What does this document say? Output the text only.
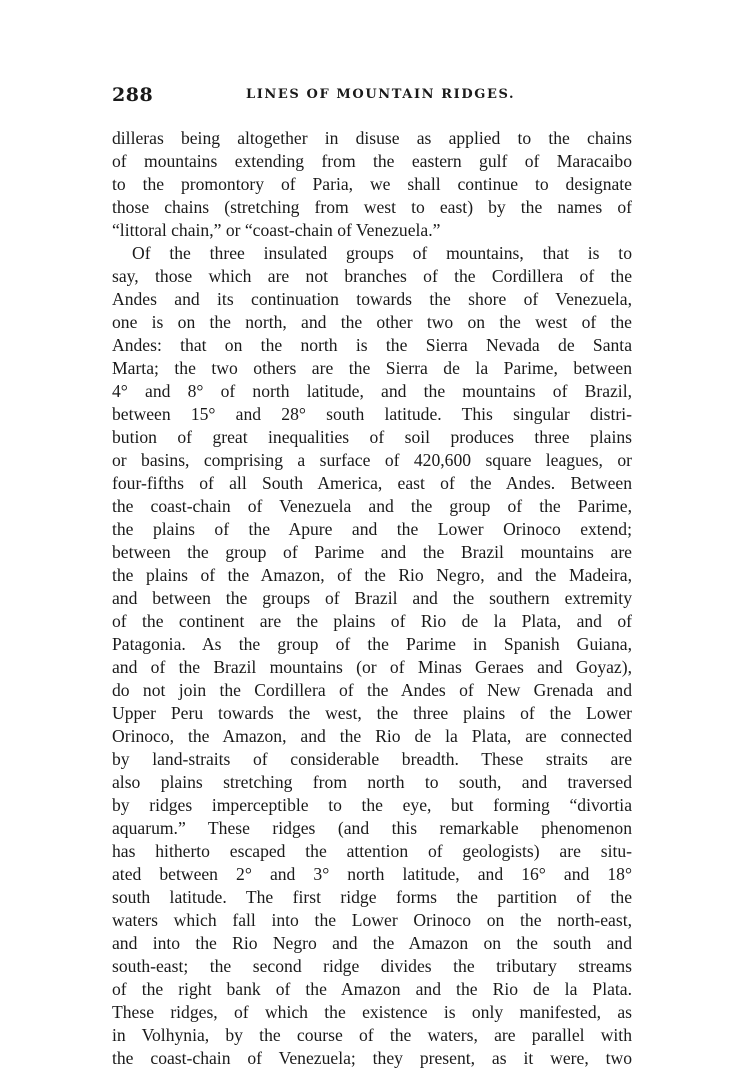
288	LINES OF MOUNTAIN RIDGES.
dilleras being altogether in disuse as applied to the chains
of mountains extending from the eastern gulf of Maracaibo
to the promontory of Paria, we shall continue to designate
those chains (stretching from west to east) by the names of
“littoral chain,” or “coast-chain of Venezuela.”
Of the three insulated groups of mountains, that is to
say, those which are not branches of the Cordillera of the
Andes and its continuation towards the shore of Venezuela,
one is on the north, and the other two on the west of the
Andes: that on the north is the Sierra Nevada de Santa
Marta; the two others are the Sierra de la Parime, between
4° and 8° of north latitude, and the mountains of Brazil,
between 15° and 28° south latitude. This singular distri-
bution of great inequalities of soil produces three plains
or basins, comprising a surface of 420,600 square leagues, or
four-fifths of all South America, east of the Andes. Between
the coast-chain of Venezuela and the group of the Parime,
the plains of the Apure and the Lower Orinoco extend;
between the group of Parime and the Brazil mountains are
the plains of the Amazon, of the Rio Negro, and the Madeira,
and between the groups of Brazil and the southern extremity
of the continent are the plains of Rio de la Plata, and of
Patagonia. As the group of the Parime in Spanish Guiana,
and of the Brazil mountains (or of Minas Geraes and Goyaz),
do not join the Cordillera of the Andes of New Grenada and
Upper Peru towards the west, the three plains of the Lower
Orinoco, the Amazon, and the Rio de la Plata, are connected
by land-straits of considerable breadth. These straits are
also plains stretching from north to south, and traversed
by ridges imperceptible to the eye, but forming “divortia
aquarum.” These ridges (and this remarkable phenomenon
has hitherto escaped the attention of geologists) are situ-
ated between 2° and 3° north latitude, and 16° and 18°
south latitude. The first ridge forms the partition of the
waters which fall into the Lower Orinoco on the north-east,
and into the Rio Negro and the Amazon on the south and
south-east; the second ridge divides the tributary streams
of the right bank of the Amazon and the Rio de la Plata.
These ridges, of which the existence is only manifested, as
in Volhynia, by the course of the waters, are parallel with
the coast-chain of Venezuela; they present, as it were, two
